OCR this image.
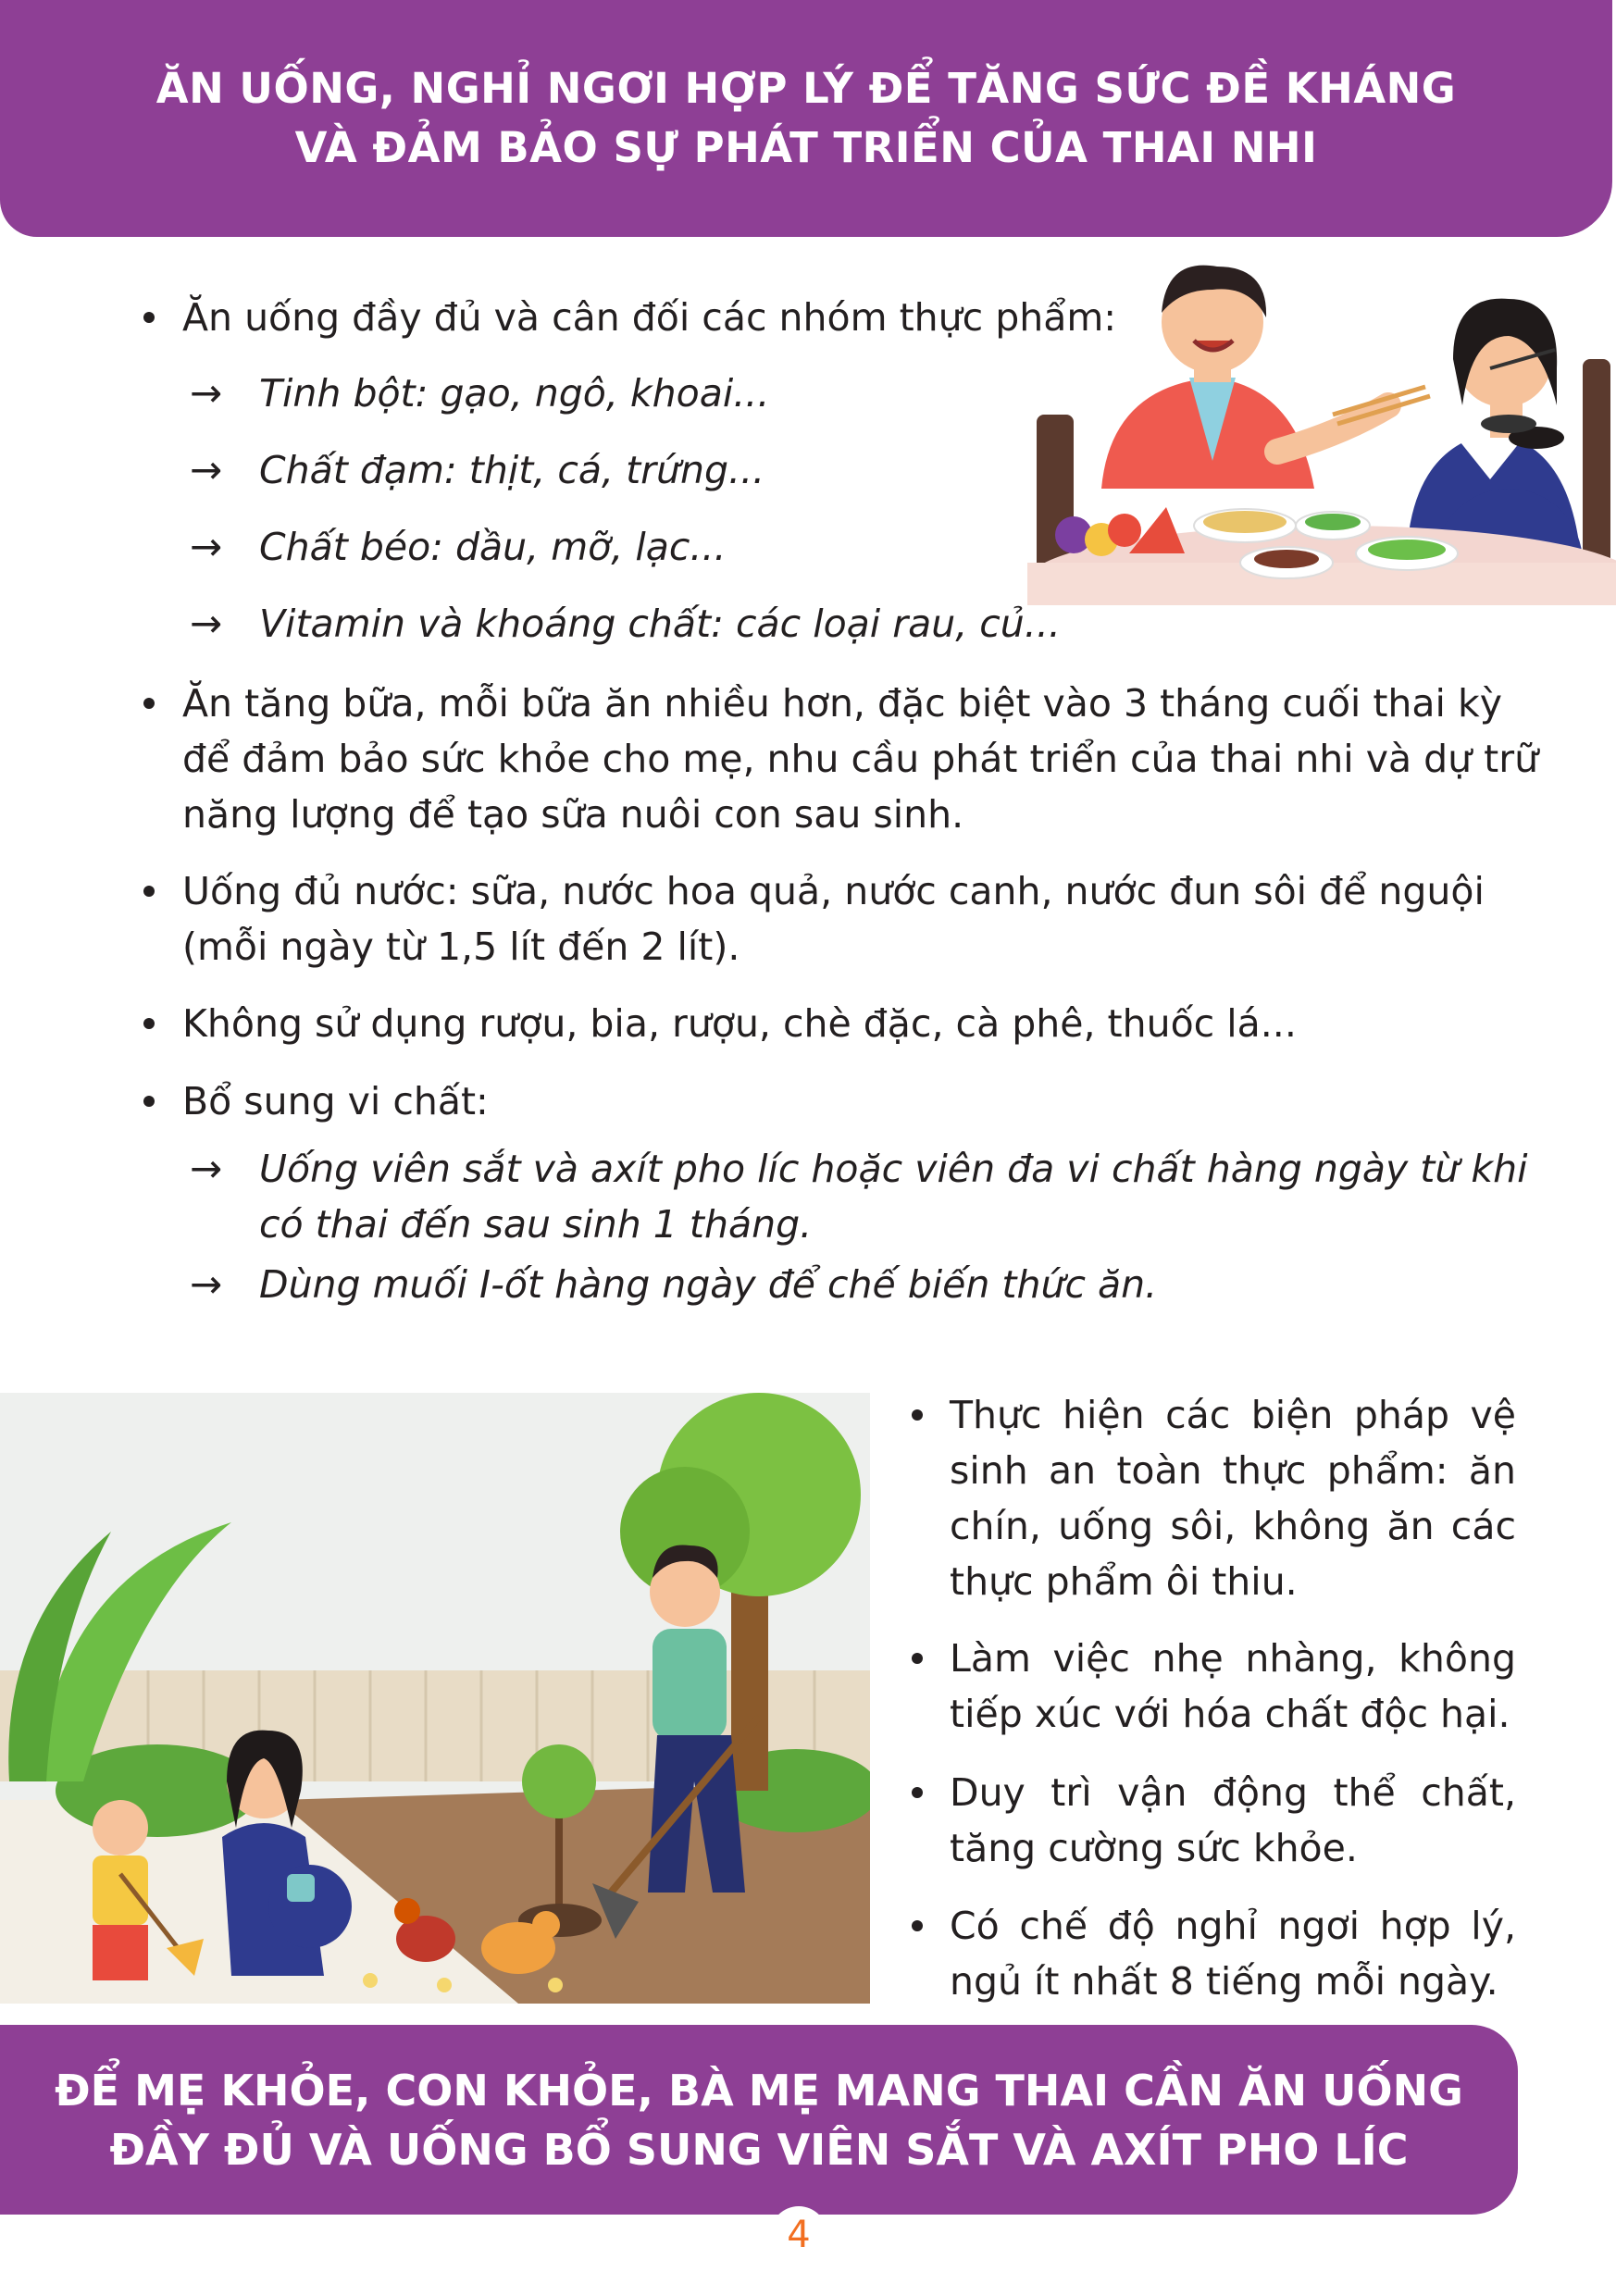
ĂN UỐNG, NGHỈ NGƠI HỢP LÝ ĐỂ TĂNG SỨC ĐỀ KHÁNG
VÀ ĐẢM BẢO SỰ PHÁT TRIỂN CỦA THAI NHI
Ăn uống đầy đủ và cân đối các nhóm thực phẩm:
→ Tinh bột: gạo, ngô, khoai...
→ Chất đạm: thịt, cá, trứng...
→ Chất béo: dầu, mỡ, lạc...
→ Vitamin và khoáng chất: các loại rau, củ...
Ăn tăng bữa, mỗi bữa ăn nhiều hơn, đặc biệt vào 3 tháng cuối thai kỳ
để đảm bảo sức khỏe cho mẹ, nhu cầu phát triển của thai nhi và dự trữ
năng lượng để tạo sữa nuôi con sau sinh.
Uống đủ nước: sữa, nước hoa quả, nước canh, nước đun sôi để nguội
(mỗi ngày từ 1,5 lít đến 2 lít).
Không sử dụng rượu, bia, rượu, chè đặc, cà phê, thuốc lá...
Bổ sung vi chất:
→ Uống viên sắt và axít pho líc hoặc viên đa vi chất hàng ngày từ khi
có thai đến sau sinh 1 tháng.
→ Dùng muối I-ốt hàng ngày để chế biến thức ăn.
Thực hiện các biện pháp vệ
sinh an toàn thực phẩm: ăn
chín, uống sôi, không ăn các
thực phẩm ôi thiu.
Làm việc nhẹ nhàng, không
tiếp xúc với hóa chất độc hại.
Duy trì vận động thể chất,
tăng cường sức khỏe.
Có chế độ nghỉ ngơi hợp lý,
ngủ ít nhất 8 tiếng mỗi ngày.
ĐỂ MẸ KHỎE, CON KHỎE, BÀ MẸ MANG THAI CẦN ĂN UỐNG
ĐẦY ĐỦ VÀ UỐNG BỔ SUNG VIÊN SẮT VÀ AXÍT PHO LÍC
4
